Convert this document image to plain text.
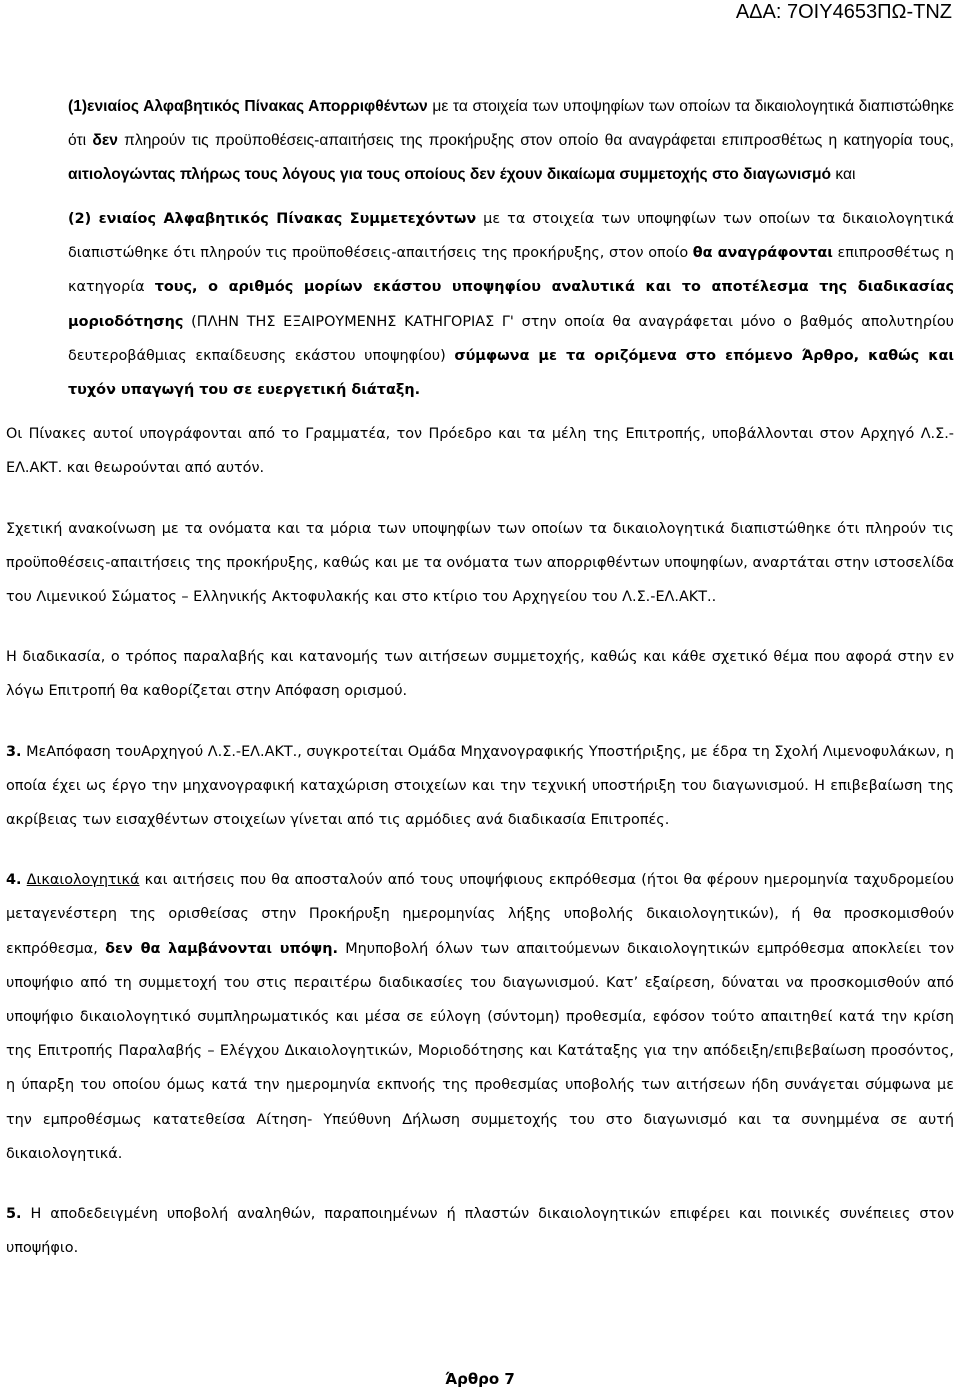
ΑΔΑ: 7ΟΙΥ4653ΠΩ-ΤΝΖ

(1)ενιαίος Αλφαβητικός Πίνακας Απορριφθέντων με τα στοιχεία των υποψηφίων των οποίων τα δικαιολογητικά διαπιστώθηκε ότι δεν πληρούν τις προϋποθέσεις-απαιτήσεις της προκήρυξης στον οποίο θα αναγράφεται επιπροσθέτως η κατηγορία τους, αιτιολογώντας πλήρως τους λόγους για τους οποίους δεν έχουν δικαίωμα συμμετοχής στο διαγωνισμό και

(2) ενιαίος Αλφαβητικός Πίνακας Συμμετεχόντων με τα στοιχεία των υποψηφίων των οποίων τα δικαιολογητικά διαπιστώθηκε ότι πληρούν τις προϋποθέσεις-απαιτήσεις της προκήρυξης, στον οποίο θα αναγράφονται επιπροσθέτως η κατηγορία τους, ο αριθμός μορίων εκάστου υποψηφίου αναλυτικά και το αποτέλεσμα της διαδικασίας μοριοδότησης (ΠΛΗΝ ΤΗΣ ΕΞΑΙΡΟΥΜΕΝΗΣ ΚΑΤΗΓΟΡΙΑΣ Γ' στην οποία θα αναγράφεται μόνο ο βαθμός απολυτηρίου δευτεροβάθμιας εκπαίδευσης εκάστου υποψηφίου) σύμφωνα με τα οριζόμενα στο επόμενο Άρθρο, καθώς και τυχόν υπαγωγή του σε ευεργετική διάταξη.

Οι Πίνακες αυτοί υπογράφονται από το Γραμματέα, τον Πρόεδρο και τα μέλη της Επιτροπής, υποβάλλονται στον Αρχηγό Λ.Σ.-ΕΛ.ΑΚΤ. και θεωρούνται από αυτόν.

Σχετική ανακοίνωση με τα ονόματα και τα μόρια των υποψηφίων των οποίων τα δικαιολογητικά διαπιστώθηκε ότι πληρούν τις προϋποθέσεις-απαιτήσεις της προκήρυξης, καθώς και με τα ονόματα των απορριφθέντων υποψηφίων, αναρτάται στην ιστοσελίδα του Λιμενικού Σώματος – Ελληνικής Ακτοφυλακής και στο κτίριο του Αρχηγείου του Λ.Σ.-ΕΛ.ΑΚΤ..

Η διαδικασία, ο τρόπος παραλαβής και κατανομής των αιτήσεων συμμετοχής, καθώς και κάθε σχετικό θέμα που αφορά στην εν λόγω Επιτροπή θα καθορίζεται στην Απόφαση ορισμού.

3. ΜεΑπόφαση τουΑρχηγού Λ.Σ.-ΕΛ.ΑΚΤ., συγκροτείται Ομάδα Μηχανογραφικής Υποστήριξης, με έδρα τη Σχολή Λιμενοφυλάκων, η οποία έχει ως έργο την μηχανογραφική καταχώριση στοιχείων και την τεχνική υποστήριξη του διαγωνισμού. Η επιβεβαίωση της ακρίβειας των εισαχθέντων στοιχείων γίνεται από τις αρμόδιες ανά διαδικασία Επιτροπές.

4. Δικαιολογητικά και αιτήσεις που θα αποσταλούν από τους υποψήφιους εκπρόθεσμα (ήτοι θα φέρουν ημερομηνία ταχυδρομείου μεταγενέστερη της ορισθείσας στην Προκήρυξη ημερομηνίας λήξης υποβολής δικαιολογητικών), ή θα προσκομισθούν εκπρόθεσμα, δεν θα λαμβάνονται υπόψη. Μηυποβολή όλων των απαιτούμενων δικαιολογητικών εμπρόθεσμα αποκλείει τον υποψήφιο από τη συμμετοχή του στις περαιτέρω διαδικασίες του διαγωνισμού. Κατ’ εξαίρεση, δύναται να προσκομισθούν από υποψήφιο δικαιολογητικό συμπληρωματικός και μέσα σε εύλογη (σύντομη) προθεσμία, εφόσον τούτο απαιτηθεί κατά την κρίση της Επιτροπής Παραλαβής – Ελέγχου Δικαιολογητικών, Μοριοδότησης και Κατάταξης για την απόδειξη/επιβεβαίωση προσόντος, η ύπαρξη του οποίου όμως κατά την ημερομηνία εκπνοής της προθεσμίας υποβολής των αιτήσεων ήδη συνάγεται σύμφωνα με την εμπροθέσμως κατατεθείσα Αίτηση- Υπεύθυνη Δήλωση συμμετοχής του στο διαγωνισμό και τα συνημμένα σε αυτή δικαιολογητικά.

5. Η αποδεδειγμένη υποβολή αναληθών, παραποιημένων ή πλαστών δικαιολογητικών επιφέρει και ποινικές συνέπειες στον υποψήφιο.

Άρθρο 7
